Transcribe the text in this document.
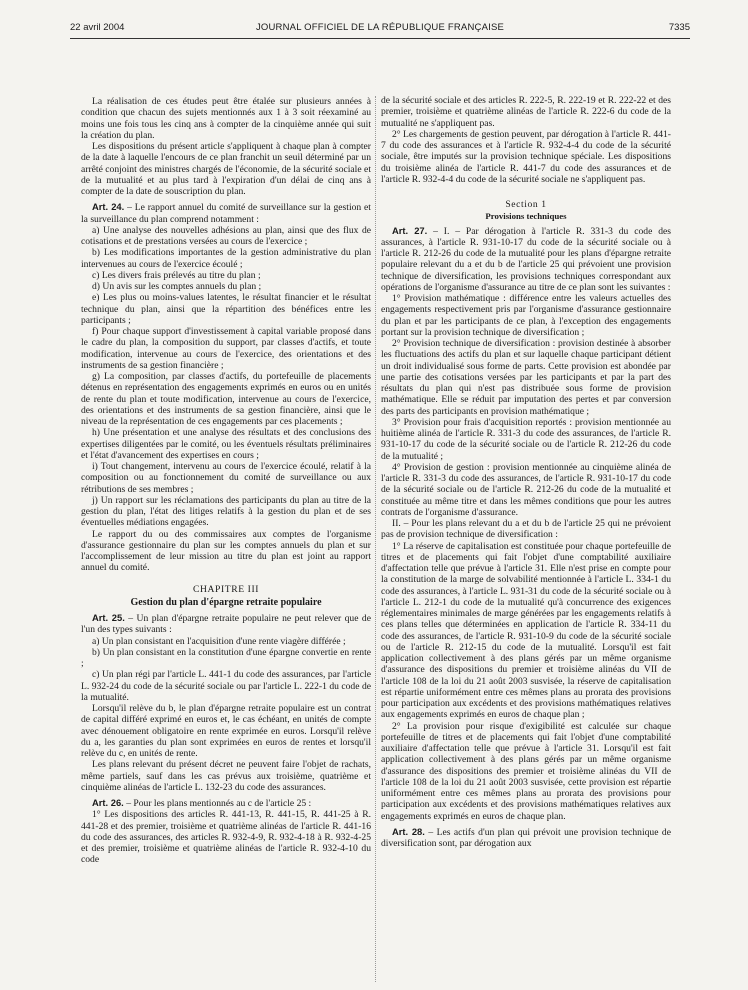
22 avril 2004	JOURNAL OFFICIEL DE LA RÉPUBLIQUE FRANÇAISE	7335

La réalisation de ces études peut être étalée sur plusieurs années à condition que chacun des sujets mentionnés aux 1 à 3 soit réexaminé au moins une fois tous les cinq ans à compter de la cinquième année qui suit la création du plan.

Les dispositions du présent article s'appliquent à chaque plan à compter de la date à laquelle l'encours de ce plan franchit un seuil déterminé par un arrêté conjoint des ministres chargés de l'économie, de la sécurité sociale et de la mutualité et au plus tard à l'expiration d'un délai de cinq ans à compter de la date de souscription du plan.

Art. 24. – Le rapport annuel du comité de surveillance sur la gestion et la surveillance du plan comprend notamment :

a) Une analyse des nouvelles adhésions au plan, ainsi que des flux de cotisations et de prestations versées au cours de l'exercice ;

b) Les modifications importantes de la gestion administrative du plan intervenues au cours de l'exercice écoulé ;

c) Les divers frais prélevés au titre du plan ;

d) Un avis sur les comptes annuels du plan ;

e) Les plus ou moins-values latentes, le résultat financier et le résultat technique du plan, ainsi que la répartition des bénéfices entre les participants ;

f) Pour chaque support d'investissement à capital variable proposé dans le cadre du plan, la composition du support, par classes d'actifs, et toute modification, intervenue au cours de l'exercice, des orientations et des instruments de sa gestion financière ;

g) La composition, par classes d'actifs, du portefeuille de placements détenus en représentation des engagements exprimés en euros ou en unités de rente du plan et toute modification, intervenue au cours de l'exercice, des orientations et des instruments de sa gestion financière, ainsi que le niveau de la représentation de ces engagements par ces placements ;

h) Une présentation et une analyse des résultats et des conclusions des expertises diligentées par le comité, ou les éventuels résultats préliminaires et l'état d'avancement des expertises en cours ;

i) Tout changement, intervenu au cours de l'exercice écoulé, relatif à la composition ou au fonctionnement du comité de surveillance ou aux rétributions de ses membres ;

j) Un rapport sur les réclamations des participants du plan au titre de la gestion du plan, l'état des litiges relatifs à la gestion du plan et de ses éventuelles médiations engagées.

Le rapport du ou des commissaires aux comptes de l'organisme d'assurance gestionnaire du plan sur les comptes annuels du plan et sur l'accomplissement de leur mission au titre du plan est joint au rapport annuel du comité.

CHAPITRE III
Gestion du plan d'épargne retraite populaire

Art. 25. – Un plan d'épargne retraite populaire ne peut relever que de l'un des types suivants :

a) Un plan consistant en l'acquisition d'une rente viagère différée ;

b) Un plan consistant en la constitution d'une épargne convertie en rente ;

c) Un plan régi par l'article L. 441-1 du code des assurances, par l'article L. 932-24 du code de la sécurité sociale ou par l'article L. 222-1 du code de la mutualité.

Lorsqu'il relève du b, le plan d'épargne retraite populaire est un contrat de capital différé exprimé en euros et, le cas échéant, en unités de compte avec dénouement obligatoire en rente exprimée en euros. Lorsqu'il relève du a, les garanties du plan sont exprimées en euros de rentes et lorsqu'il relève du c, en unités de rente.

Les plans relevant du présent décret ne peuvent faire l'objet de rachats, même partiels, sauf dans les cas prévus aux troisième, quatrième et cinquième alinéas de l'article L. 132-23 du code des assurances.

Art. 26. – Pour les plans mentionnés au c de l'article 25 :

1° Les dispositions des articles R. 441-13, R. 441-15, R. 441-25 à R. 441-28 et des premier, troisième et quatrième alinéas de l'article R. 441-16 du code des assurances, des articles R. 932-4-9, R. 932-4-18 à R. 932-4-25 et des premier, troisième et quatrième alinéas de l'article R. 932-4-10 du code

de la sécurité sociale et des articles R. 222-5, R. 222-19 et R. 222-22 et des premier, troisième et quatrième alinéas de l'article R. 222-6 du code de la mutualité ne s'appliquent pas.

2° Les chargements de gestion peuvent, par dérogation à l'article R. 441-7 du code des assurances et à l'article R. 932-4-4 du code de la sécurité sociale, être imputés sur la provision technique spéciale. Les dispositions du troisième alinéa de l'article R. 441-7 du code des assurances et de l'article R. 932-4-4 du code de la sécurité sociale ne s'appliquent pas.

Section 1
Provisions techniques

Art. 27. – I. – Par dérogation à l'article R. 331-3 du code des assurances, à l'article R. 931-10-17 du code de la sécurité sociale ou à l'article R. 212-26 du code de la mutualité pour les plans d'épargne retraite populaire relevant du a et du b de l'article 25 qui prévoient une provision technique de diversification, les provisions techniques correspondant aux opérations de l'organisme d'assurance au titre de ce plan sont les suivantes :

1° Provision mathématique : différence entre les valeurs actuelles des engagements respectivement pris par l'organisme d'assurance gestionnaire du plan et par les participants de ce plan, à l'exception des engagements portant sur la provision technique de diversification ;

2° Provision technique de diversification : provision destinée à absorber les fluctuations des actifs du plan et sur laquelle chaque participant détient un droit individualisé sous forme de parts. Cette provision est abondée par une partie des cotisations versées par les participants et par la part des résultats du plan qui n'est pas distribuée sous forme de provision mathématique. Elle se réduit par imputation des pertes et par conversion des parts des participants en provision mathématique ;

3° Provision pour frais d'acquisition reportés : provision mentionnée au huitième alinéa de l'article R. 331-3 du code des assurances, de l'article R. 931-10-17 du code de la sécurité sociale ou de l'article R. 212-26 du code de la mutualité ;

4° Provision de gestion : provision mentionnée au cinquième alinéa de l'article R. 331-3 du code des assurances, de l'article R. 931-10-17 du code de la sécurité sociale ou de l'article R. 212-26 du code de la mutualité et constituée au même titre et dans les mêmes conditions que pour les autres contrats de l'organisme d'assurance.

II. – Pour les plans relevant du a et du b de l'article 25 qui ne prévoient pas de provision technique de diversification :

1° La réserve de capitalisation est constituée pour chaque portefeuille de titres et de placements qui fait l'objet d'une comptabilité auxiliaire d'affectation telle que prévue à l'article 31. Elle n'est prise en compte pour la constitution de la marge de solvabilité mentionnée à l'article L. 334-1 du code des assurances, à l'article L. 931-31 du code de la sécurité sociale ou à l'article L. 212-1 du code de la mutualité qu'à concurrence des exigences réglementaires minimales de marge générées par les engagements relatifs à ces plans telles que déterminées en application de l'article R. 334-11 du code des assurances, de l'article R. 931-10-9 du code de la sécurité sociale ou de l'article R. 212-15 du code de la mutualité. Lorsqu'il est fait application collectivement à des plans gérés par un même organisme d'assurance des dispositions du premier et troisième alinéas du VII de l'article 108 de la loi du 21 août 2003 susvisée, la réserve de capitalisation est répartie uniformément entre ces mêmes plans au prorata des provisions pour participation aux excédents et des provisions mathématiques relatives aux engagements exprimés en euros de chaque plan ;

2° La provision pour risque d'exigibilité est calculée sur chaque portefeuille de titres et de placements qui fait l'objet d'une comptabilité auxiliaire d'affectation telle que prévue à l'article 31. Lorsqu'il est fait application collectivement à des plans gérés par un même organisme d'assurance des dispositions des premier et troisième alinéas du VII de l'article 108 de la loi du 21 août 2003 susvisée, cette provision est répartie uniformément entre ces mêmes plans au prorata des provisions pour participation aux excédents et des provisions mathématiques relatives aux engagements exprimés en euros de chaque plan.

Art. 28. – Les actifs d'un plan qui prévoit une provision technique de diversification sont, par dérogation aux
